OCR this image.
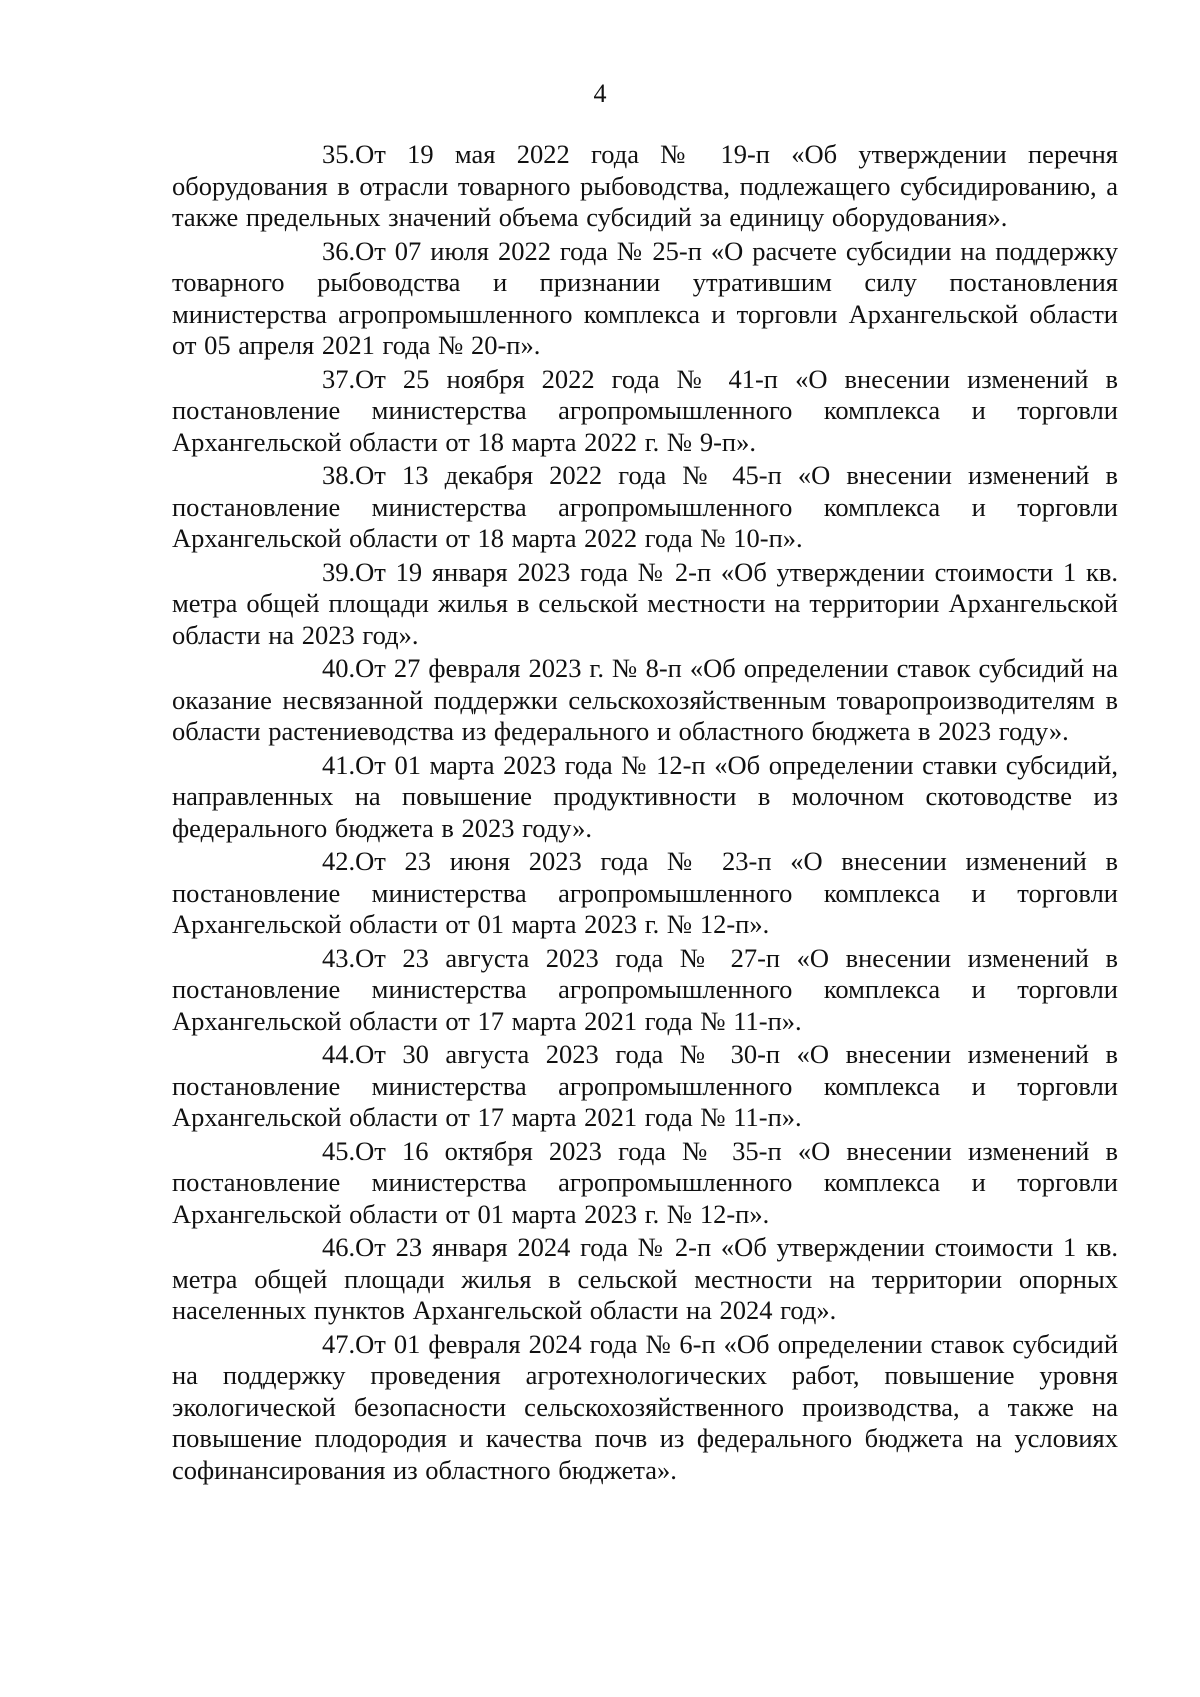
4

35.От 19 мая 2022 года № 19-п «Об утверждении перечня оборудования в отрасли товарного рыбоводства, подлежащего субсидированию, а также предельных значений объема субсидий за единицу оборудования».

36.От 07 июля 2022 года № 25-п «О расчете субсидии на поддержку товарного рыбоводства и признании утратившим силу постановления министерства агропромышленного комплекса и торговли Архангельской области от 05 апреля 2021 года № 20-п».

37.От 25 ноября 2022 года № 41-п «О внесении изменений в постановление министерства агропромышленного комплекса и торговли Архангельской области от 18 марта 2022 г. № 9-п».

38.От 13 декабря 2022 года № 45-п «О внесении изменений в постановление министерства агропромышленного комплекса и торговли Архангельской области от 18 марта 2022 года № 10-п».

39.От 19 января 2023 года № 2-п «Об утверждении стоимости 1 кв. метра общей площади жилья в сельской местности на территории Архангельской области на 2023 год».

40.От 27 февраля 2023 г. № 8-п «Об определении ставок субсидий на оказание несвязанной поддержки сельскохозяйственным товаропроизводителям в области растениеводства из федерального и областного бюджета в 2023 году».

41.От 01 марта 2023 года № 12-п «Об определении ставки субсидий, направленных на повышение продуктивности в молочном скотоводстве из федерального бюджета в 2023 году».

42.От 23 июня 2023 года № 23-п «О внесении изменений в постановление министерства агропромышленного комплекса и торговли Архангельской области от 01 марта 2023 г. № 12-п».

43.От 23 августа 2023 года № 27-п «О внесении изменений в постановление министерства агропромышленного комплекса и торговли Архангельской области от 17 марта 2021 года № 11-п».

44.От 30 августа 2023 года № 30-п «О внесении изменений в постановление министерства агропромышленного комплекса и торговли Архангельской области от 17 марта 2021 года № 11-п».

45.От 16 октября 2023 года № 35-п «О внесении изменений в постановление министерства агропромышленного комплекса и торговли Архангельской области от 01 марта 2023 г. № 12-п».

46.От 23 января 2024 года № 2-п «Об утверждении стоимости 1 кв. метра общей площади жилья в сельской местности на территории опорных населенных пунктов Архангельской области на 2024 год».

47.От 01 февраля 2024 года № 6-п «Об определении ставок субсидий на поддержку проведения агротехнологических работ, повышение уровня экологической безопасности сельскохозяйственного производства, а также на повышение плодородия и качества почв из федерального бюджета на условиях софинансирования из областного бюджета».
